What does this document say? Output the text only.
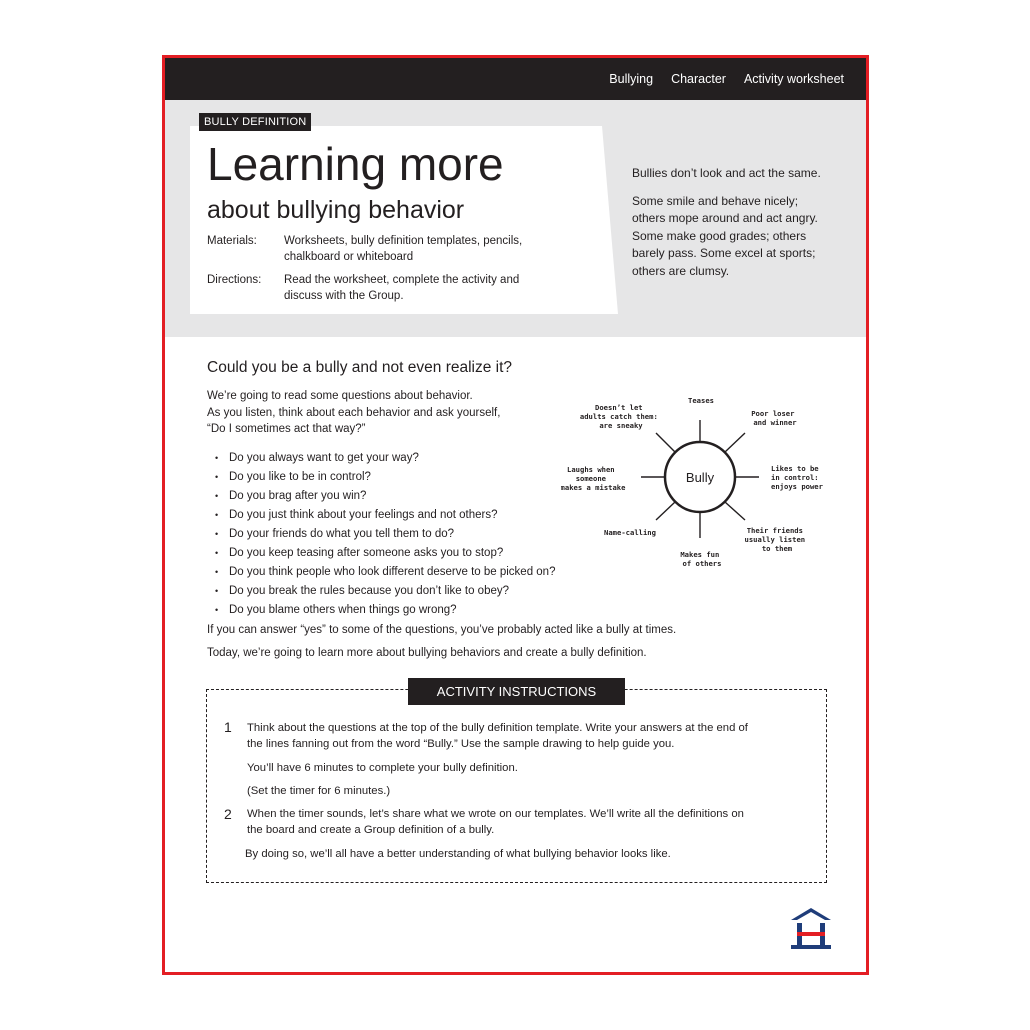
Bullying Character Activity worksheet
BULLY DEFINITION
Learning more
about bullying behavior
Materials:	Worksheets, bully definition templates, pencils, chalkboard or whiteboard
Directions:	Read the worksheet, complete the activity and discuss with the Group.

Bullies don’t look and act the same.

Some smile and behave nicely; others mope around and act angry. Some make good grades; others barely pass. Some excel at sports; others are clumsy.

Could you be a bully and not even realize it?
We’re going to read some questions about behavior.
As you listen, think about each behavior and ask yourself,
“Do I sometimes act that way?”
• Do you always want to get your way?
• Do you like to be in control?
• Do you brag after you win?
• Do you just think about your feelings and not others?
• Do your friends do what you tell them to do?
• Do you keep teasing after someone asks you to stop?
• Do you think people who look different deserve to be picked on?
• Do you break the rules because you don’t like to obey?
• Do you blame others when things go wrong?
If you can answer “yes” to some of the questions, you’ve probably acted like a bully at times.
Today, we’re going to learn more about bullying behaviors and create a bully definition.
Bully
Teases
Poor loser and winner
Likes to be in control: enjoys power
Their friends usually listen to them
Makes fun of others
Name-calling
Laughs when someone makes a mistake
Doesn’t let adults catch them: are sneaky
ACTIVITY INSTRUCTIONS
1 Think about the questions at the top of the bully definition template. Write your answers at the end of the lines fanning out from the word “Bully.” Use the sample drawing to help guide you.
You’ll have 6 minutes to complete your bully definition.
(Set the timer for 6 minutes.)
2 When the timer sounds, let’s share what we wrote on our templates. We’ll write all the definitions on the board and create a Group definition of a bully.
By doing so, we’ll all have a better understanding of what bullying behavior looks like.
